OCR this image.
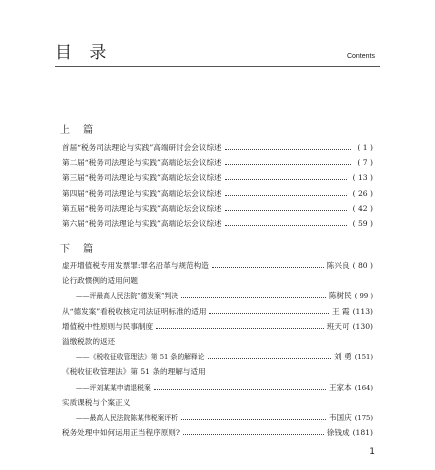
目 录	Contents
上 篇
首届“税务司法理论与实践”高端研讨会会议综述	( 1 )
第二届“税务司法理论与实践”高端论坛会议综述	( 7 )
第三届“税务司法理论与实践”高端论坛会议综述	( 13 )
第四届“税务司法理论与实践”高端论坛会议综述	( 26 )
第五届“税务司法理论与实践”高端论坛会议综述	( 42 )
第六届“税务司法理论与实践”高端论坛会议综述	( 59 )
下 篇
虚开增值税专用发票罪:罪名沿革与规范构造	陈兴良 ( 80 )
论行政惯例的适用问题
——评最高人民法院“德发案”判决	陈树民 ( 99 )
从“德发案”看税收核定司法证明标准的适用	王 霞 (113)
增值税中性原则与民事制度	班天可 (130)
溢缴税款的返还
——《税收征收管理法》第 51 条的解释论	刘 勇 (151)
《税收征收管理法》第 51 条的理解与适用
——评刘某某申请退税案	王家本 (164)
实质课税与个案正义
——最高人民法院陈某伟税案评析	韦国庆 (175)
税务处理中如何运用正当程序原则?	徐钱成 (181)
1
